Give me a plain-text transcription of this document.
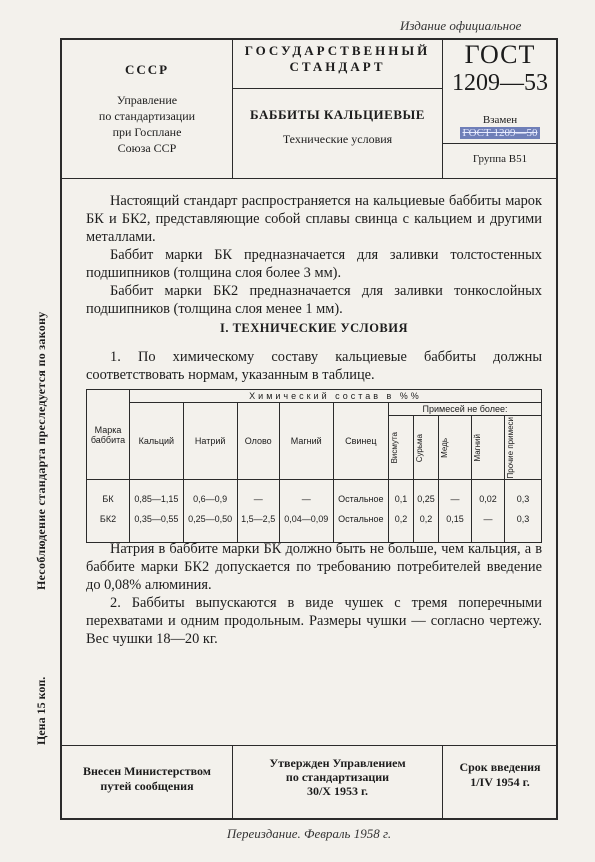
Издание официальное
Несоблюдение стандарта преследуется по закону
Цена 15 коп.
СССР
Управление
по стандартизации
при Госплане
Союза ССР
ГОСУДАРСТВЕННЫЙ
СТАНДАРТ
БАББИТЫ КАЛЬЦИЕВЫЕ
Технические условия
ГОСТ
1209—53
Взамен
ГОСТ 1209—50
Группа В51

Настоящий стандарт распространяется на кальциевые баббиты марок БК и БК2, представляющие собой сплавы свинца с кальцием и другими металлами.

Баббит марки БК предназначается для заливки толстостенных подшипников (толщина слоя более 3 мм).

Баббит марки БК2 предназначается для заливки тонкослойных подшипников (толщина слоя менее 1 мм).

I. ТЕХНИЧЕСКИЕ УСЛОВИЯ

1. По химическому составу кальциевые баббиты должны соответствовать нормам, указанным в таблице.

Марка баббита	Химический состав в %%									
	Кальций	Натрий	Олово	Магний	Свинец	Примесей не более:				

						Висмута	Сурьма	Медь	Магний	Прочие примеси

БК	0,85—1,15	0,6—0,9	—	—	Остальное	0,1	0,25	—	0,02	0,3
БК2	0,35—0,55	0,25—0,50	1,5—2,5	0,04—0,09	Остальное	0,2	0,2	0,15	—	0,3

Натрия в баббите марки БК должно быть не больше, чем кальция, а в баббите марки БК2 допускается по требованию потребителей введение до 0,08% алюминия.

2. Баббиты выпускаются в виде чушек с тремя поперечными перехватами и одним продольным. Размеры чушки — согласно чертежу. Вес чушки 18—20 кг.

Внесен Министерством
путей сообщения
Утвержден Управлением
по стандартизации
30/X 1953 г.
Срок введения
1/IV 1954 г.
Переиздание. Февраль 1958 г.
